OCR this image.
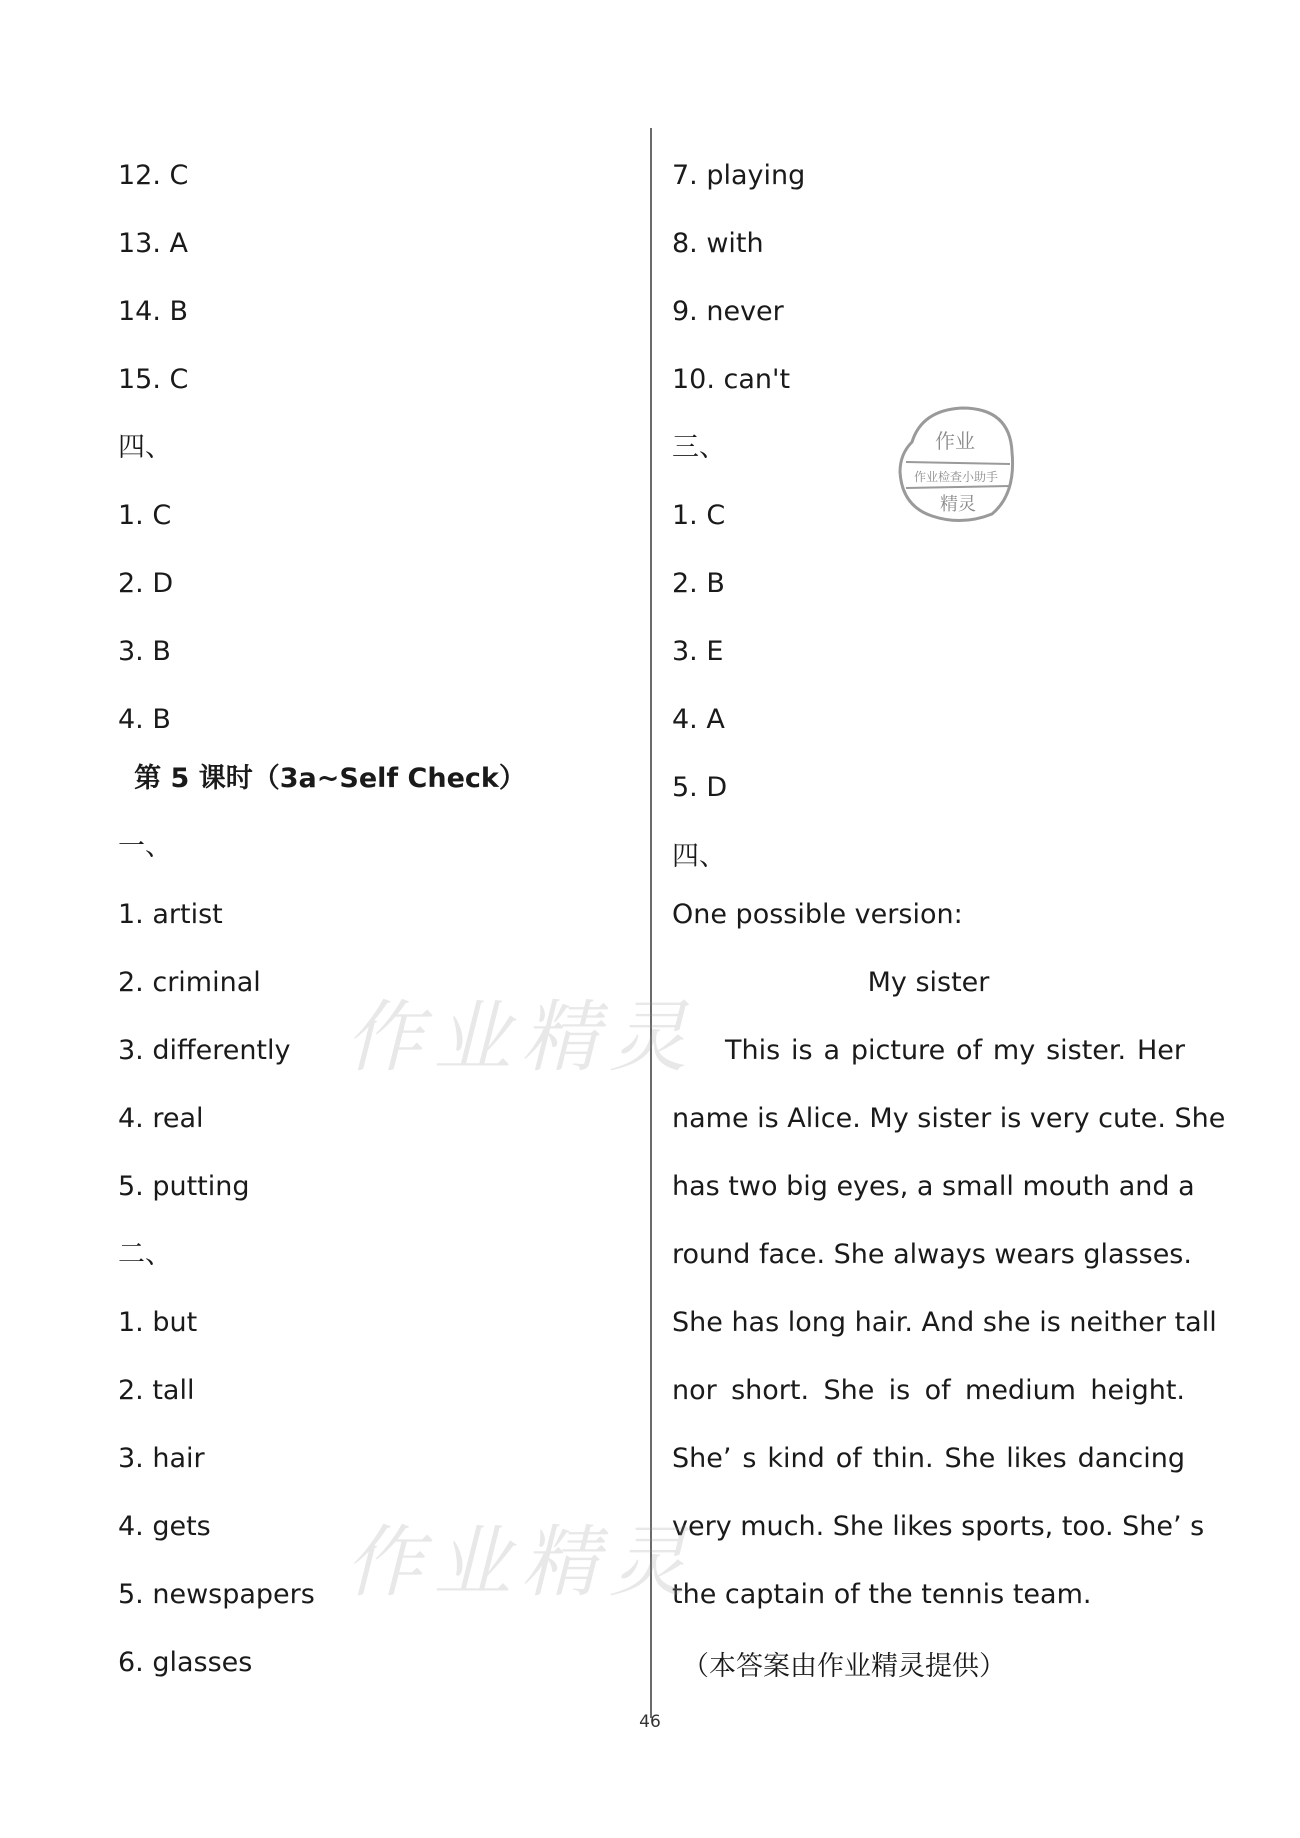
12. C
13. A
14. B
15. C
四、
1. C
2. D
3. B
4. B
第 5 课时（3a~Self Check）
一、
1. artist
2. criminal
3. differently
4. real
5. putting
二、
1. but
2. tall
3. hair
4. gets
5. newspapers
6. glasses
7. playing
8. with
9. never
10. can't
三、
1. C
2. B
3. E
4. A
5. D
四、
One possible version:
My sister
This is a picture of my sister. Her
name is Alice. My sister is very cute. She
has two big eyes, a small mouth and a
round face. She always wears glasses.
She has long hair. And she is neither tall
nor short. She is of medium height.
She’ s kind of thin. She likes dancing
very much. She likes sports, too. She’ s
the captain of the tennis team.
（本答案由作业精灵提供）
作业精灵
作业精灵
作业
作业检查小助手
精灵
46
